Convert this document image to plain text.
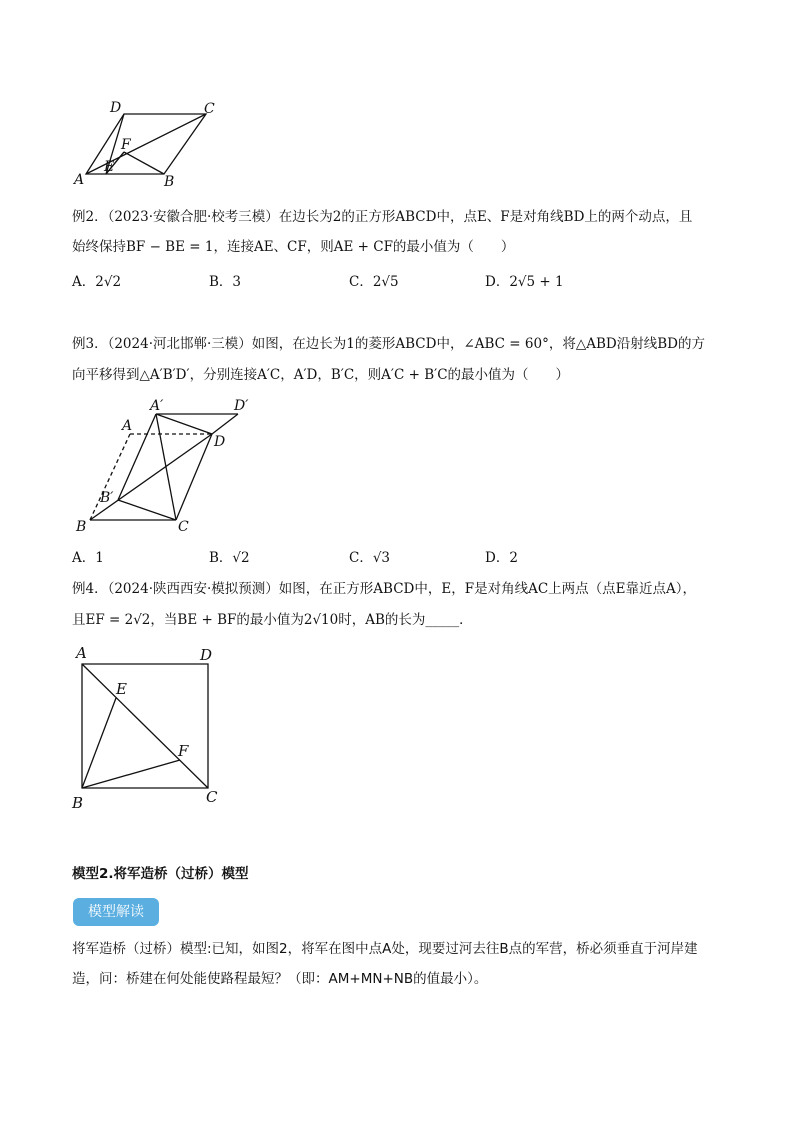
A	B
C
D
E
F
例2．（2023·安徽合肥·校考三模）在边长为2的正方形ABCD中，点E、F是对角线BD上的两个动点，且
始终保持BF − BE = 1，连接AE、CF，则AE + CF的最小值为（　　）
A．2√2	B．3	C．2√5	D．2√5 + 1
例3．（2024·河北邯郸·三模）如图，在边长为1的菱形ABCD中，∠ABC = 60°，将△ABD沿射线BD的方
向平移得到△A′B′D′，分别连接A′C，A′D，B′C，则A′C + B′C的最小值为（　　）
B	C
D
A
A′	D′
B′
A．1	B．√2	C．√3	D．2
例4．（2024·陕西西安·模拟预测）如图，在正方形ABCD中，E，F是对角线AC上两点（点E靠近点A），
且EF = 2√2，当BE + BF的最小值为2√10时，AB的长为_____．
A	D
B	C
E
F
模型2.将军造桥（过桥）模型
模型解读
将军造桥（过桥）模型:已知，如图2，将军在图中点A处，现要过河去往B点的军营，桥必须垂直于河岸建
造，问：桥建在何处能使路程最短？（即：AM+MN+NB的值最小）。
